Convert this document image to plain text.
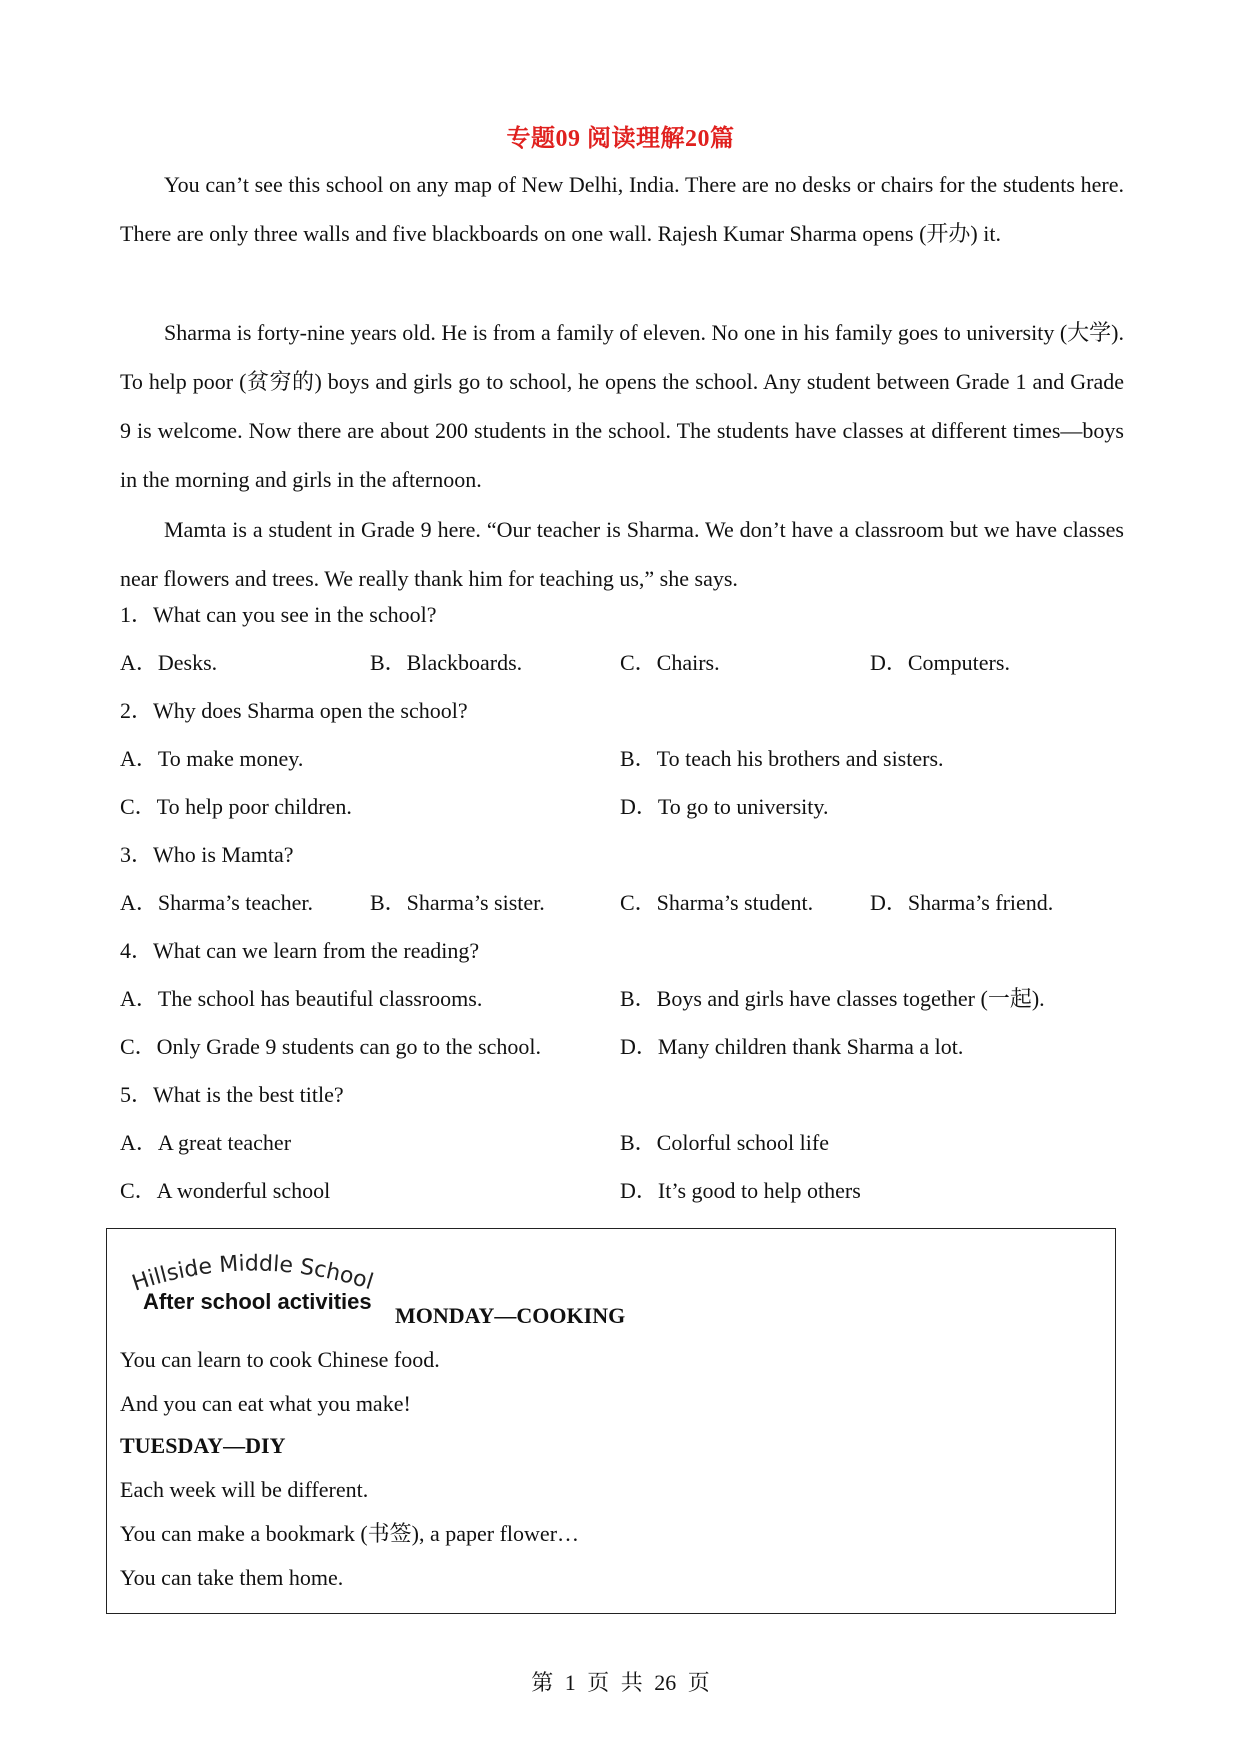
专题09 阅读理解20篇

You can’t see this school on any map of New Delhi, India. There are no desks or chairs for the students here. There are only three walls and five blackboards on one wall. Rajesh Kumar Sharma opens (开办) it.

Sharma is forty-nine years old. He is from a family of eleven. No one in his family goes to university (大学). To help poor (贫穷的) boys and girls go to school, he opens the school. Any student between Grade 1 and Grade 9 is welcome. Now there are about 200 students in the school. The students have classes at different times—boys in the morning and girls in the afternoon.

Mamta is a student in Grade 9 here. “Our teacher is Sharma. We don’t have a classroom but we have classes near flowers and trees. We really thank him for teaching us,” she says.

1．What can you see in the school?
A．Desks.	B．Blackboards.	C．Chairs.	D．Computers.
2．Why does Sharma open the school?
A．To make money.	B．To teach his brothers and sisters.
C．To help poor children.	D．To go to university.
3．Who is Mamta?
A．Sharma’s teacher.	B．Sharma’s sister.	C．Sharma’s student.	D．Sharma’s friend.
4．What can we learn from the reading?
A．The school has beautiful classrooms.	B．Boys and girls have classes together (一起).
C．Only Grade 9 students can go to the school.	D．Many children thank Sharma a lot.
5．What is the best title?
A．A great teacher	B．Colorful school life
C．A wonderful school	D．It’s good to help others
Hillside Middle School
After school activities
MONDAY—COOKING
You can learn to cook Chinese food.
And you can eat what you make!
TUESDAY—DIY
Each week will be different.
You can make a bookmark (书签), a paper flower…
You can take them home.
第 1 页 共 26 页
